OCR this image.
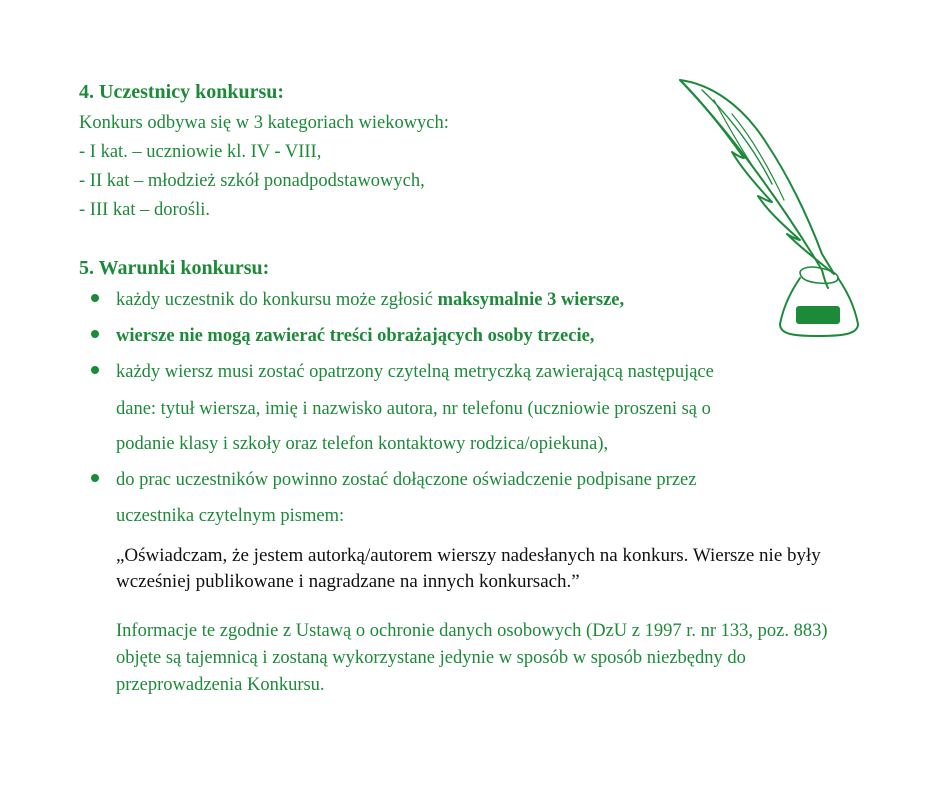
4. Uczestnicy konkursu:

Konkurs odbywa się w 3 kategoriach wiekowych:

- I kat. – uczniowie kl. IV - VIII,

- II kat – młodzież szkół ponadpodstawowych,

- III kat – dorośli.

5. Warunki konkursu:

każdy uczestnik do konkursu może zgłosić maksymalnie 3 wiersze,

wiersze nie mogą zawierać treści obrażających osoby trzecie,

każdy wiersz musi zostać opatrzony czytelną metryczką zawierającą następujące

dane: tytuł wiersza, imię i nazwisko autora, nr telefonu (uczniowie proszeni są o

podanie klasy i szkoły oraz telefon kontaktowy rodzica/opiekuna),

do prac uczestników powinno zostać dołączone oświadczenie podpisane przez

uczestnika czytelnym pismem:

„Oświadczam, że jestem autorką/autorem wierszy nadesłanych na konkurs. Wiersze nie były wcześniej publikowane i nagradzane na innych konkursach.”

Informacje te zgodnie z Ustawą o ochronie danych osobowych (DzU z 1997 r. nr 133, poz. 883) objęte są tajemnicą i zostaną wykorzystane jedynie w sposób w sposób niezbędny do przeprowadzenia Konkursu.
